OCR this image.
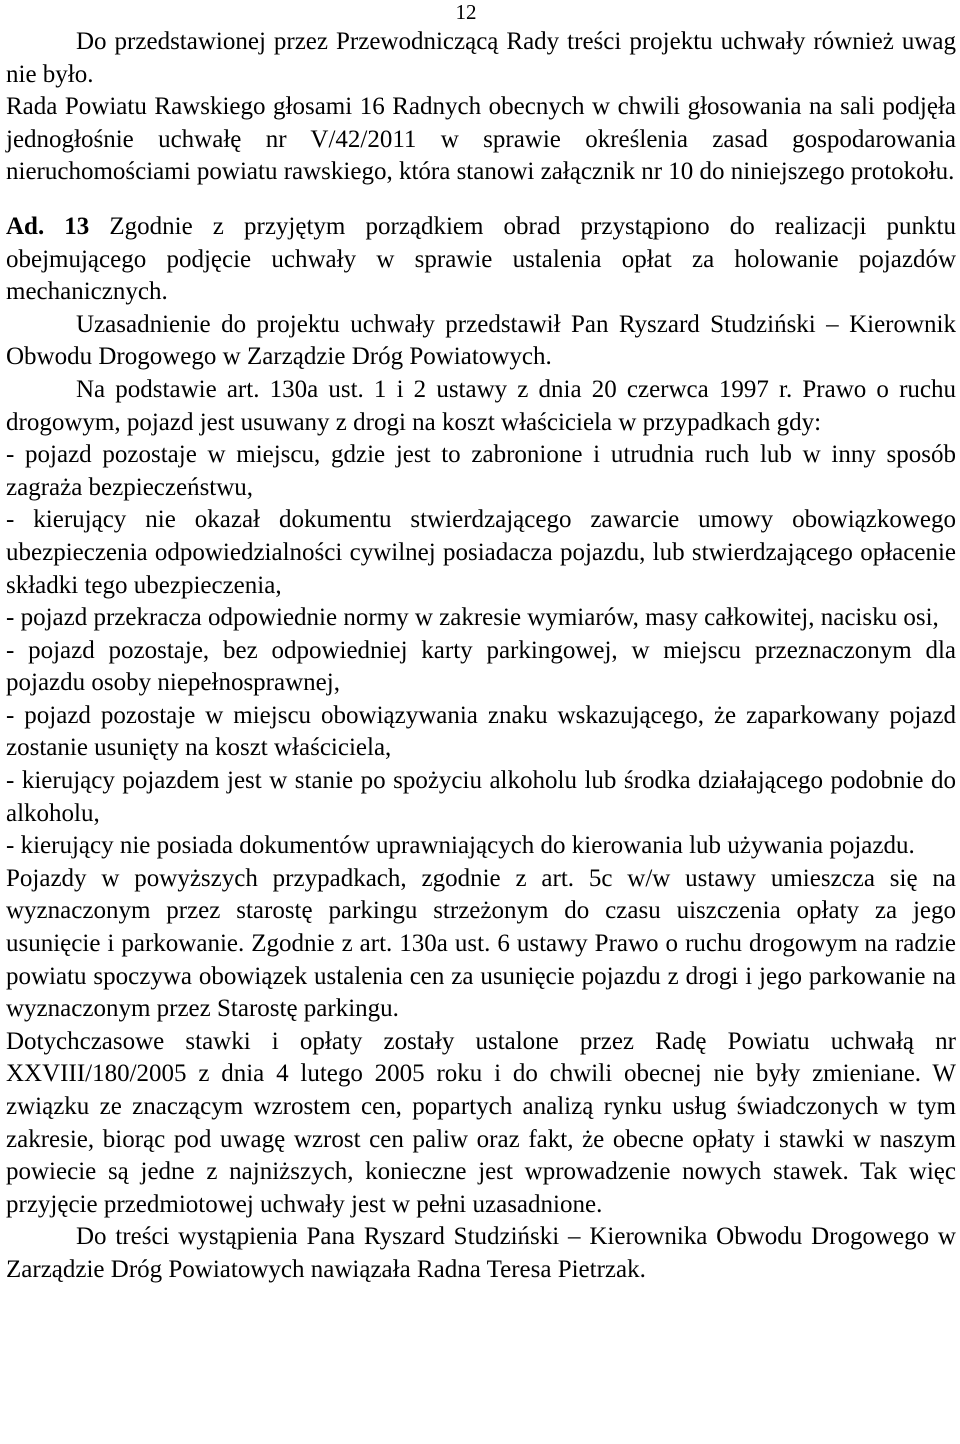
12

Do przedstawionej przez Przewodniczącą Rady treści projektu uchwały również uwag nie było.

Rada Powiatu Rawskiego głosami 16 Radnych obecnych w chwili głosowania na sali podjęła jednogłośnie uchwałę nr V/42/2011 w sprawie określenia zasad gospodarowania nieruchomościami powiatu rawskiego, która stanowi załącznik nr 10 do niniejszego protokołu.

Ad. 13 Zgodnie z przyjętym porządkiem obrad przystąpiono do realizacji punktu obejmującego podjęcie uchwały w sprawie ustalenia opłat za holowanie pojazdów mechanicznych.

Uzasadnienie do projektu uchwały przedstawił Pan Ryszard Studziński – Kierownik Obwodu Drogowego w Zarządzie Dróg Powiatowych.

Na podstawie art. 130a ust. 1 i 2 ustawy z dnia 20 czerwca 1997 r. Prawo o ruchu drogowym, pojazd jest usuwany z drogi na koszt właściciela w przypadkach gdy:

- pojazd pozostaje w miejscu, gdzie jest to zabronione i utrudnia ruch lub w inny sposób zagraża bezpieczeństwu,

- kierujący nie okazał dokumentu stwierdzającego zawarcie umowy obowiązkowego ubezpieczenia odpowiedzialności cywilnej posiadacza pojazdu, lub stwierdzającego opłacenie składki tego ubezpieczenia,

- pojazd przekracza odpowiednie normy w zakresie wymiarów, masy całkowitej, nacisku osi,

- pojazd pozostaje, bez odpowiedniej karty parkingowej, w miejscu przeznaczonym dla pojazdu osoby niepełnosprawnej,

- pojazd pozostaje w miejscu obowiązywania znaku wskazującego, że zaparkowany pojazd zostanie usunięty na koszt właściciela,

- kierujący pojazdem jest w stanie po spożyciu alkoholu lub środka działającego podobnie do alkoholu,

- kierujący nie posiada dokumentów uprawniających do kierowania lub używania pojazdu.

Pojazdy w powyższych przypadkach, zgodnie z art. 5c w/w ustawy umieszcza się na wyznaczonym przez starostę parkingu strzeżonym do czasu uiszczenia opłaty za jego usunięcie i parkowanie. Zgodnie z art. 130a ust. 6 ustawy Prawo o ruchu drogowym na radzie powiatu spoczywa obowiązek ustalenia cen za usunięcie pojazdu z drogi i jego parkowanie na wyznaczonym przez Starostę parkingu.

Dotychczasowe stawki i opłaty zostały ustalone przez Radę Powiatu uchwałą nr XXVIII/180/2005 z dnia 4 lutego 2005 roku i do chwili obecnej nie były zmieniane. W związku ze znaczącym wzrostem cen, popartych analizą rynku usług świadczonych w tym zakresie, biorąc pod uwagę wzrost cen paliw oraz fakt, że obecne opłaty i stawki w naszym powiecie są jedne z najniższych, konieczne jest wprowadzenie nowych stawek. Tak więc przyjęcie przedmiotowej uchwały jest w pełni uzasadnione.

Do treści wystąpienia Pana Ryszard Studziński – Kierownika Obwodu Drogowego w Zarządzie Dróg Powiatowych nawiązała Radna Teresa Pietrzak.
